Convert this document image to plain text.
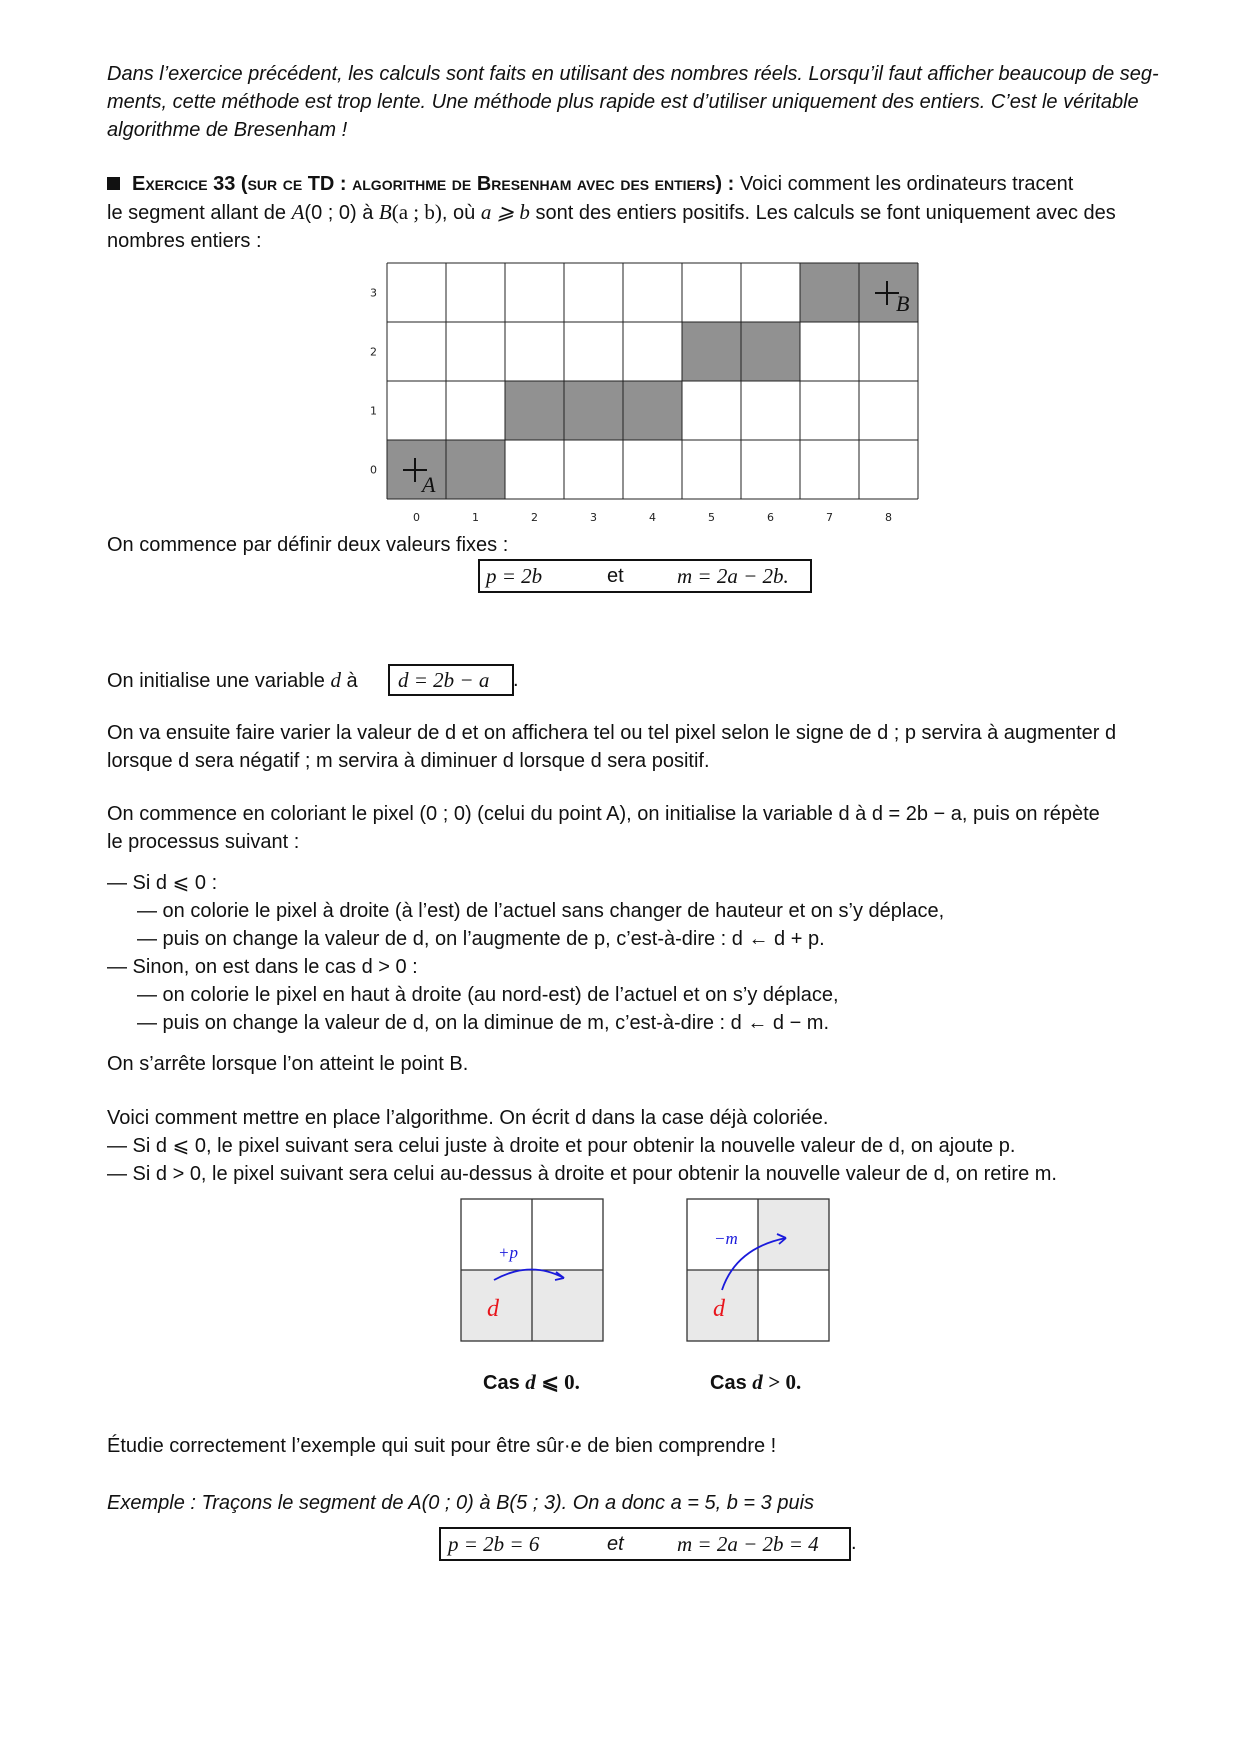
Dans l’exercice précédent, les calculs sont faits en utilisant des nombres réels. Lorsqu’il faut afficher beaucoup de seg-
ments, cette méthode est trop lente. Une méthode plus rapide est d’utiliser uniquement des entiers. C’est le véritable
algorithme de Bresenham !
Exercice 33 (sur ce TD : algorithme de Bresenham avec des entiers) : Voici comment les ordinateurs tracent
le segment allant de A(0 ; 0) à B(a ; b), où a ⩾ b sont des entiers positifs. Les calculs se font uniquement avec des
nombres entiers :
0	1	2	3	4	5	6	7	8
0
1
2
3
A
B
On commence par définir deux valeurs fixes :
p = 2b	et	m = 2a − 2b.
On initialise une variable d à	d = 2b − a .
On va ensuite faire varier la valeur de d et on affichera tel ou tel pixel selon le signe de d ; p servira à augmenter d
lorsque d sera négatif ; m servira à diminuer d lorsque d sera positif.
On commence en coloriant le pixel (0 ; 0) (celui du point A), on initialise la variable d à d = 2b − a, puis on répète
le processus suivant :
— Si d ⩽ 0 :
— on colorie le pixel à droite (à l’est) de l’actuel sans changer de hauteur et on s’y déplace,
— puis on change la valeur de d, on l’augmente de p, c’est-à-dire : d ← d + p.
— Sinon, on est dans le cas d > 0 :
— on colorie le pixel en haut à droite (au nord-est) de l’actuel et on s’y déplace,
— puis on change la valeur de d, on la diminue de m, c’est-à-dire : d ← d − m.
On s’arrête lorsque l’on atteint le point B.
Voici comment mettre en place l’algorithme. On écrit d dans la case déjà coloriée.
— Si d ⩽ 0, le pixel suivant sera celui juste à droite et pour obtenir la nouvelle valeur de d, on ajoute p.
— Si d > 0, le pixel suivant sera celui au-dessus à droite et pour obtenir la nouvelle valeur de d, on retire m.
+p
d
Cas d ⩽ 0.
−m
d
Cas d > 0.
Étudie correctement l’exemple qui suit pour être sûr·e de bien comprendre !
Exemple : Traçons le segment de A(0 ; 0) à B(5 ; 3). On a donc a = 5, b = 3 puis
p = 2b = 6	et	m = 2a − 2b = 4 .
